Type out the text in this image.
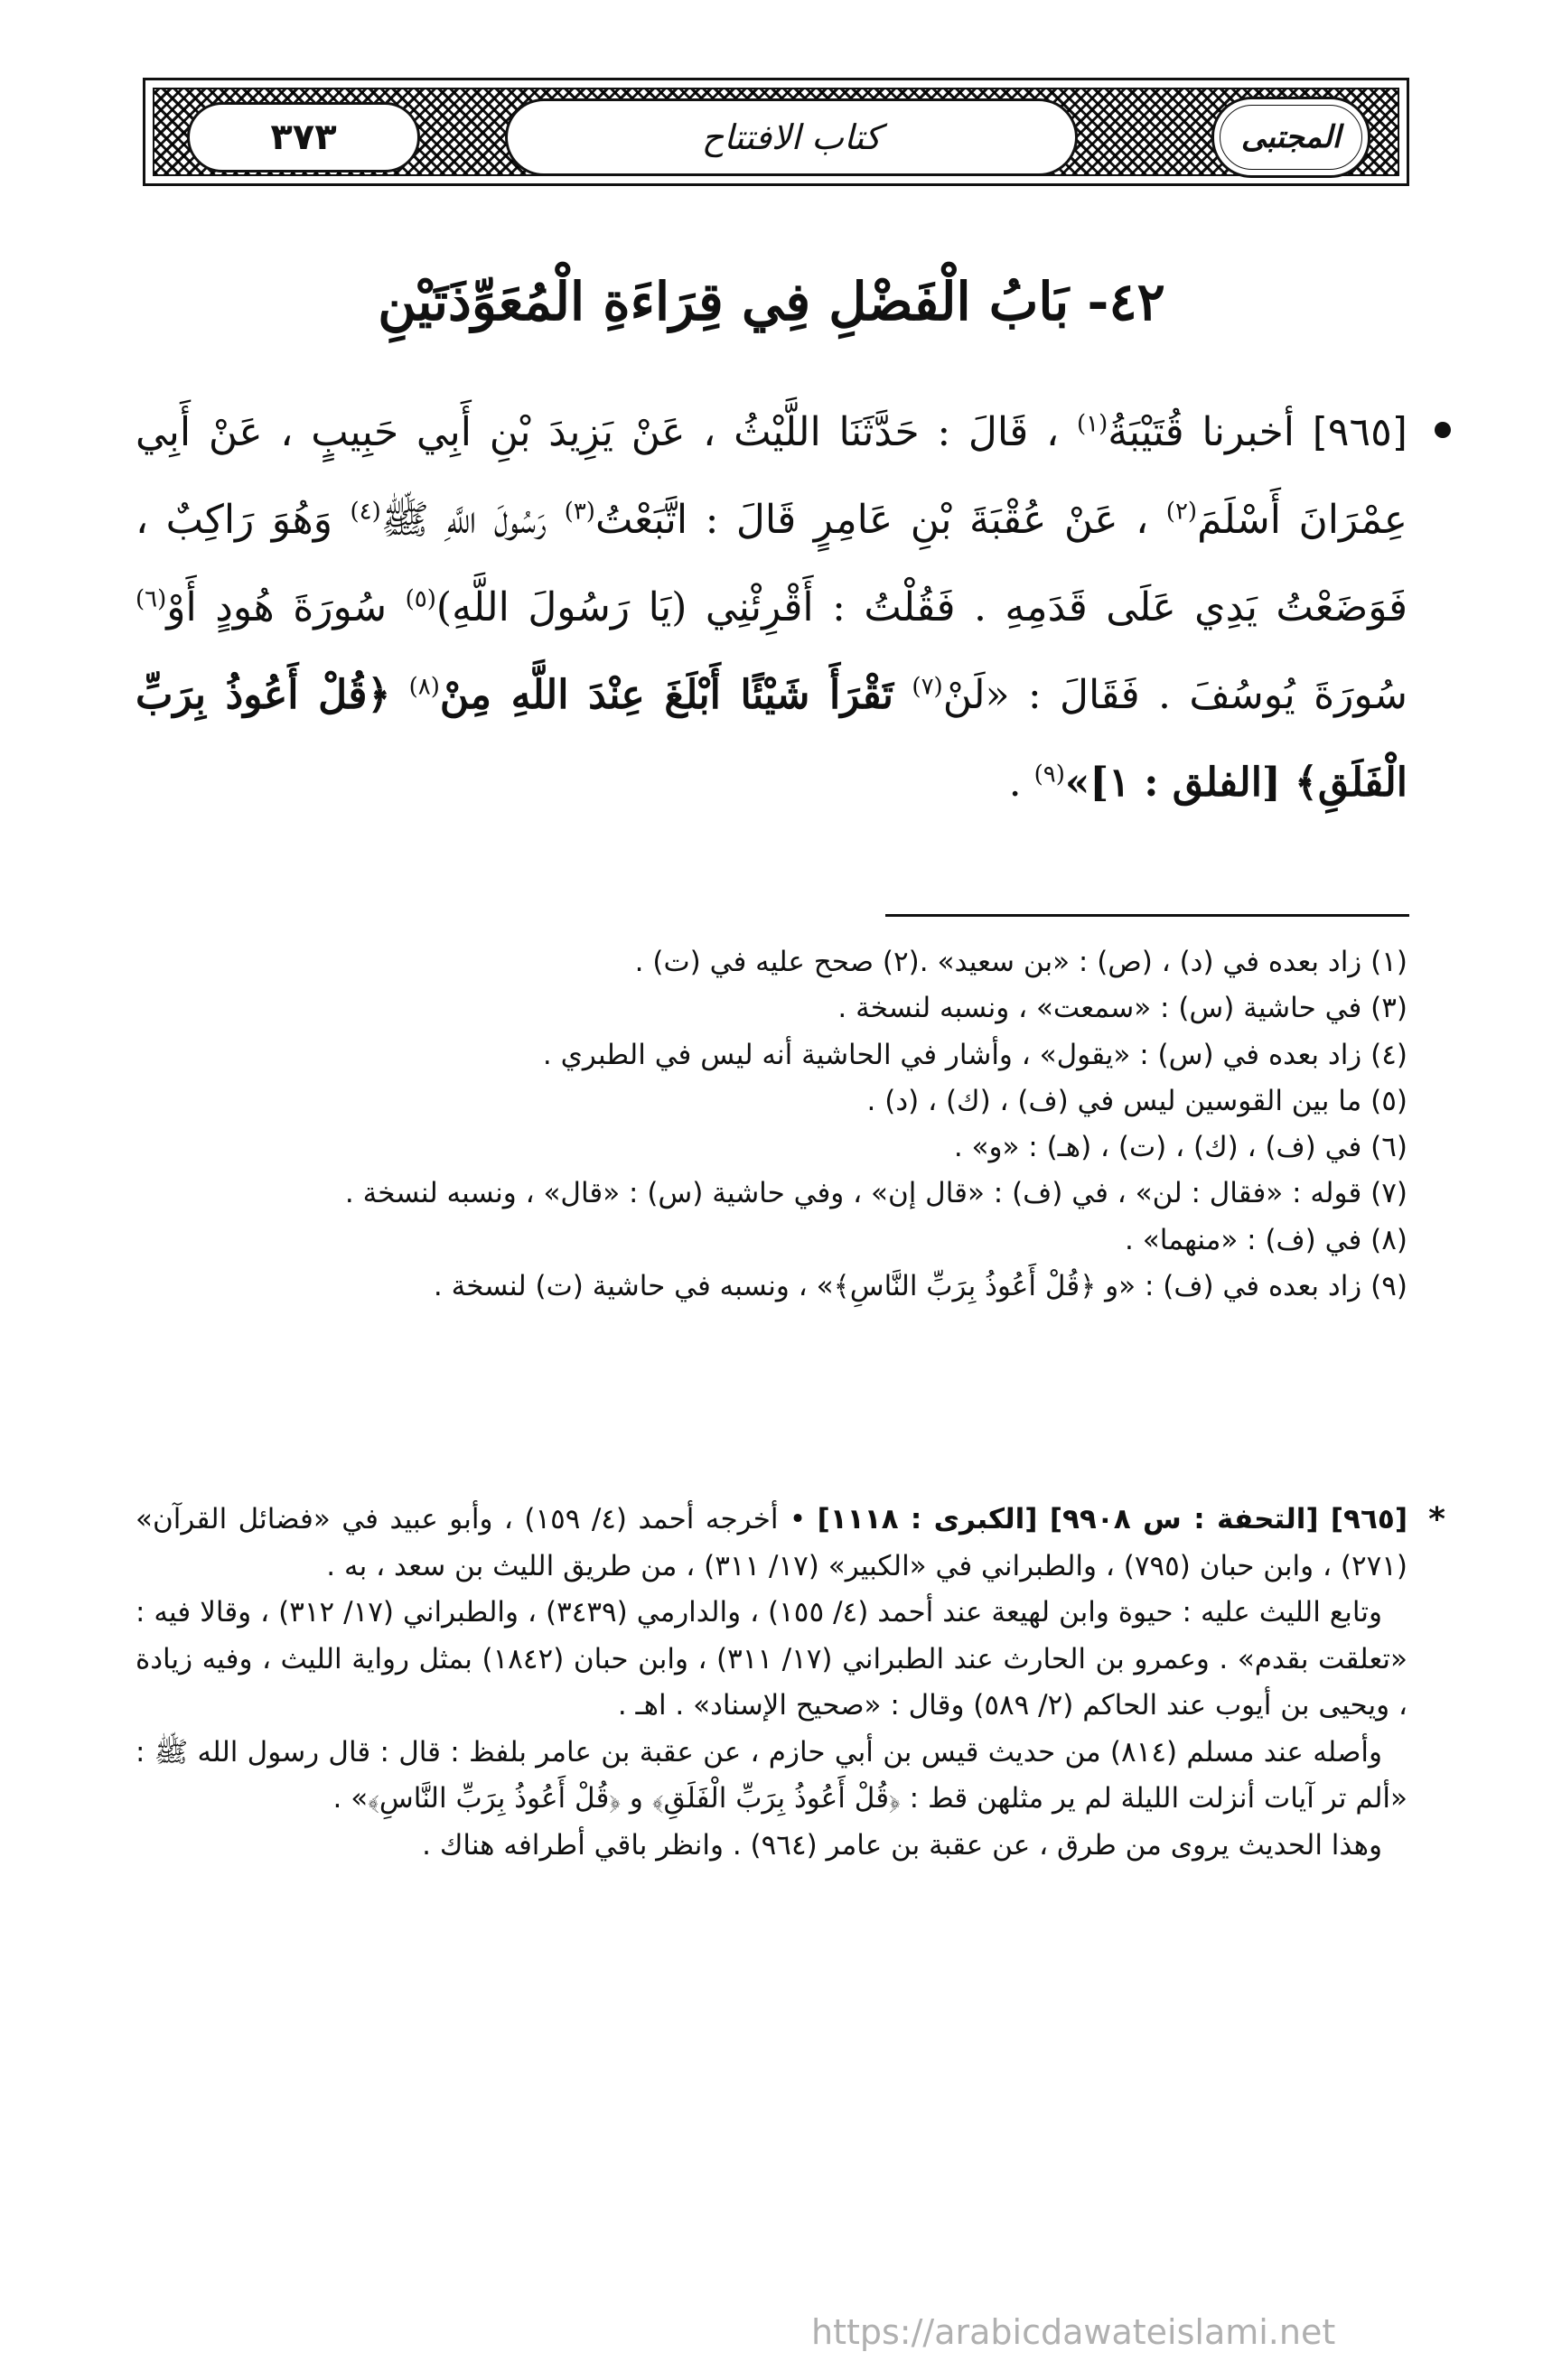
٣٧٣	كتاب الافتتاح	المجتبى
٤٢- بَابُ الْفَضْلِ فِي قِرَاءَةِ الْمُعَوِّذَتَيْنِ

[٩٦٥] أخبرنا قُتَيْبَةُ$^{(١)}$ ، قَالَ : حَدَّثَنَا اللَّيْثُ ، عَنْ يَزِيدَ بْنِ أَبِي حَبِيبٍ ، عَنْ أَبِي عِمْرَانَ أَسْلَمَ$^{(٢)}$ ، عَنْ عُقْبَةَ بْنِ عَامِرٍ قَالَ : اتَّبَعْتُ$^{(٣)}$ رَسُولَ اللَّهِ ﷺ$^{(٤)}$ وَهُوَ رَاكِبٌ ، فَوَضَعْتُ يَدِي عَلَى قَدَمِهِ . فَقُلْتُ : أَقْرِئْنِي (يَا رَسُولَ اللَّهِ)$^{(٥)}$ سُورَةَ هُودٍ أَوْ$^{(٦)}$ سُورَةَ يُوسُفَ . فَقَالَ : «لَنْ$^{(٧)}$ تَقْرَأَ شَيْئًا أَبْلَغَ عِنْدَ اللَّهِ مِنْ$^{(٨)}$ ﴿قُلْ أَعُوذُ بِرَبِّ الْفَلَقِ﴾ [الفلق : ١]»$^{(٩)}$ .

(١) زاد بعده في (د) ، (ص) : «بن سعيد» .
(٢) صحح عليه في (ت) .
(٣) في حاشية (س) : «سمعت» ، ونسبه لنسخة .
(٤) زاد بعده في (س) : «يقول» ، وأشار في الحاشية أنه ليس في الطبري .
(٥) ما بين القوسين ليس في (ف) ، (ك) ، (د) .
(٦) في (ف) ، (ك) ، (ت) ، (هـ) : «و» .
(٧) قوله : «فقال : لن» ، في (ف) : «قال إن» ، وفي حاشية (س) : «قال» ، ونسبه لنسخة .
(٨) في (ف) : «منهما» .
(٩) زاد بعده في (ف) : «و ﴿قُلْ أَعُوذُ بِرَبِّ النَّاسِ﴾» ، ونسبه في حاشية (ت) لنسخة .
*

[٩٦٥] [التحفة : س ٩٩٠٨] [الكبرى : ١١١٨] • أخرجه أحمد (٤/ ١٥٩) ، وأبو عبيد في «فضائل القرآن» (٢٧١) ، وابن حبان (٧٩٥) ، والطبراني في «الكبير» (١٧/ ٣١١) ، من طريق الليث بن سعد ، به .

وتابع الليث عليه : حيوة وابن لهيعة عند أحمد (٤/ ١٥٥) ، والدارمي (٣٤٣٩) ، والطبراني (١٧/ ٣١٢) ، وقالا فيه : «تعلقت بقدم» . وعمرو بن الحارث عند الطبراني (١٧/ ٣١١) ، وابن حبان (١٨٤٢) بمثل رواية الليث ، وفيه زيادة ، ويحيى بن أيوب عند الحاكم (٢/ ٥٨٩) وقال : «صحيح الإسناد» . اهـ .

وأصله عند مسلم (٨١٤) من حديث قيس بن أبي حازم ، عن عقبة بن عامر بلفظ : قال : قال رسول الله ﷺ : «ألم تر آيات أنزلت الليلة لم ير مثلهن قط : ﴿قُلْ أَعُوذُ بِرَبِّ الْفَلَقِ﴾ و ﴿قُلْ أَعُوذُ بِرَبِّ النَّاسِ﴾» .

وهذا الحديث يروى من طرق ، عن عقبة بن عامر (٩٦٤) . وانظر باقي أطرافه هناك .

https://arabicdawateislami.net
